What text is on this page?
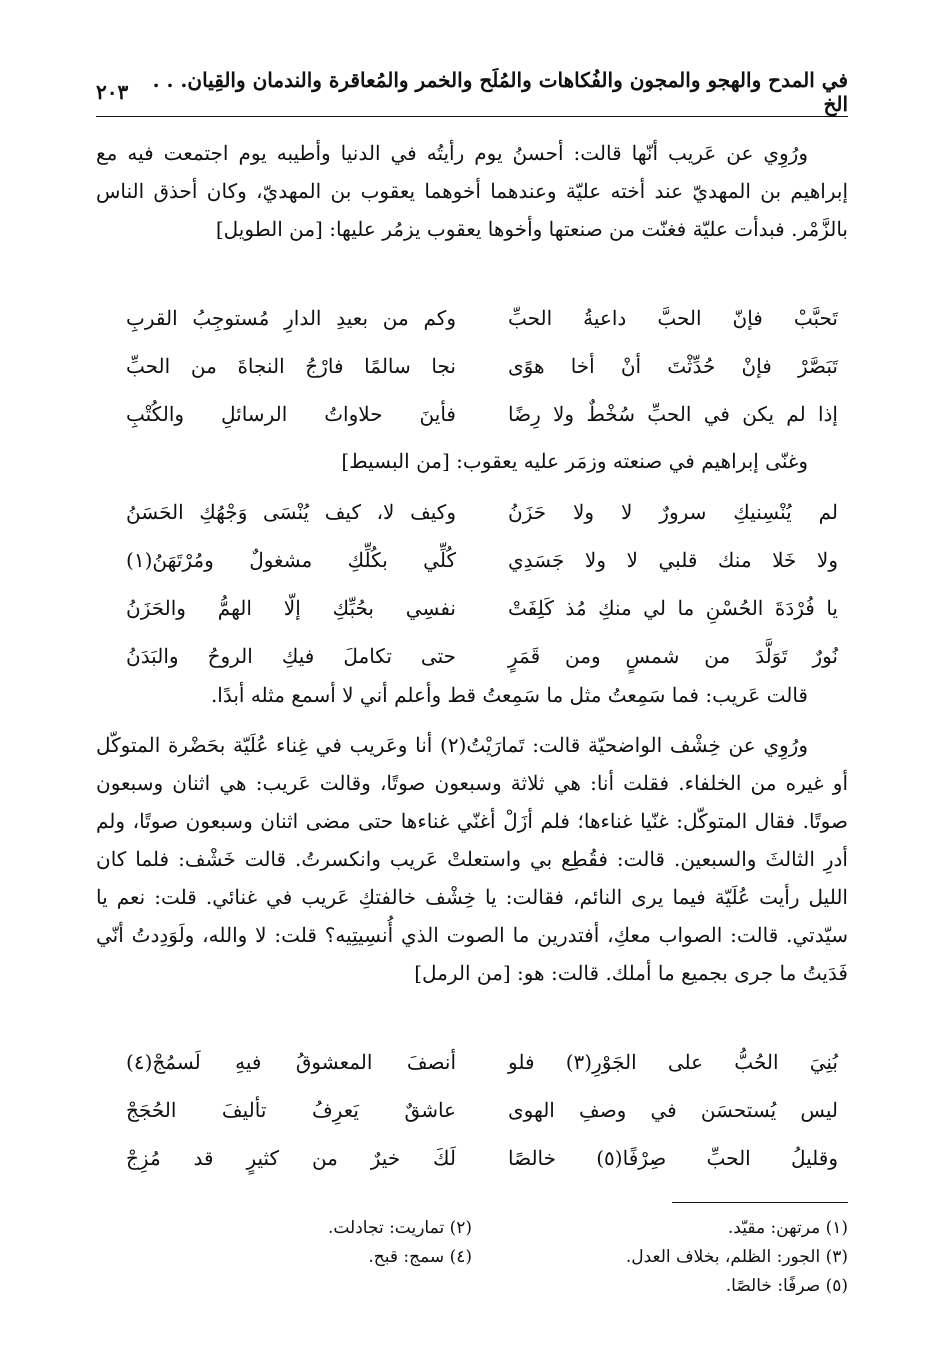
في المدح والهجو والمجون والفُكاهات والمُلَح والخمر والمُعاقرة والندمان والقِيان. . . الخ
٢٠٣
ورُوِي عن عَريب أنّها قالت: أحسنُ يوم رأيتُه في الدنيا وأطيبه يوم اجتمعت فيه مع إبراهيم بن المهديّ عند أخته عليّة وعندهما أخوهما يعقوب بن المهديّ، وكان أحذق الناس بالزَّمْر. فبدأت عليّة فغنّت من صنعتها وأخوها يعقوب يزمُر عليها: [من الطويل]
تَحبَّبْ فإنّ الحبَّ داعيةُ الحبِّ
وكم من بعيدِ الدارِ مُستوجِبُ القربِ
تَبَصَّرْ فإنْ حُدِّثْتَ أنْ أخا هوًى
نجا سالمًا فارْجُ النجاةَ من الحبِّ
إذا لم يكن في الحبِّ سُخْطٌ ولا رِضًا
فأينَ حلاواتُ الرسائلِ والكُتْبِ
وغنّى إبراهيم في صنعته وزمَر عليه يعقوب: [من البسيط]
لم يُنْسِنيكِ سرورٌ لا ولا حَزَنُ
وكيف لا، كيف يُنْسَى وَجْهُكِ الحَسَنُ
ولا خَلا منك قلبي لا ولا جَسَدِي
كُلِّي بكُلِّكِ مشغولٌ ومُرْتَهَنُ(١)
يا فُرْدَةَ الحُسْنِ ما لي منكِ مُذ كَلِفَتْ
نفسِي بحُبِّكِ إلّا الهمُّ والحَزَنُ
نُورٌ تَوَلَّدَ من شمسٍ ومن قَمَرٍ
حتى تكاملَ فيكِ الروحُ والبَدَنُ
قالت عَريب: فما سَمِعتُ مثل ما سَمِعتُ قط وأعلم أني لا أسمع مثله أبدًا.
ورُوِي عن خِشْف الواضحيّة قالت: تَمارَيْتُ(٢) أنا وعَريب في غِناء عُلَيّة بحَضْرة المتوكّل أو غيره من الخلفاء. فقلت أنا: هي ثلاثة وسبعون صوتًا، وقالت عَريب: هي اثنان وسبعون صوتًا. فقال المتوكّل: غنّيا غناءها؛ فلم أزَلْ أغنّي غناءها حتى مضى اثنان وسبعون صوتًا، ولم أدرِ الثالثَ والسبعين. قالت: فقُطِع بي واستعلتْ عَريب وانكسرتُ. قالت خَشْف: فلما كان الليل رأيت عُلَيّة فيما يرى النائم، فقالت: يا خِشْف خالفتكِ عَريب في غنائي. قلت: نعم يا سيّدتي. قالت: الصواب معكِ، أفتدرين ما الصوت الذي أُنسِيتِيه؟ قلت: لا والله، ولَوَدِدتُ أنّي فَدَيتُ ما جرى بجميع ما أملك. قالت: هو: [من الرمل]
بُنِيَ الحُبُّ على الجَوْرِ(٣) فلو
أنصفَ المعشوقُ فيهِ لَسمُجْ(٤)
ليس يُستحسَن في وصفِ الهوى
عاشقٌ يَعرِفُ تأليفَ الحُجَجْ
وقليلُ الحبِّ صِرْفًا(٥) خالصًا
لَكَ خيرٌ من كثيرٍ قد مُزِجْ
(١) مرتهن: مقيّد.
(٢) تماريت: تجادلت.
(٣) الجور: الظلم، بخلاف العدل.
(٤) سمج: قبح.
(٥) صرفًا: خالصًا.
